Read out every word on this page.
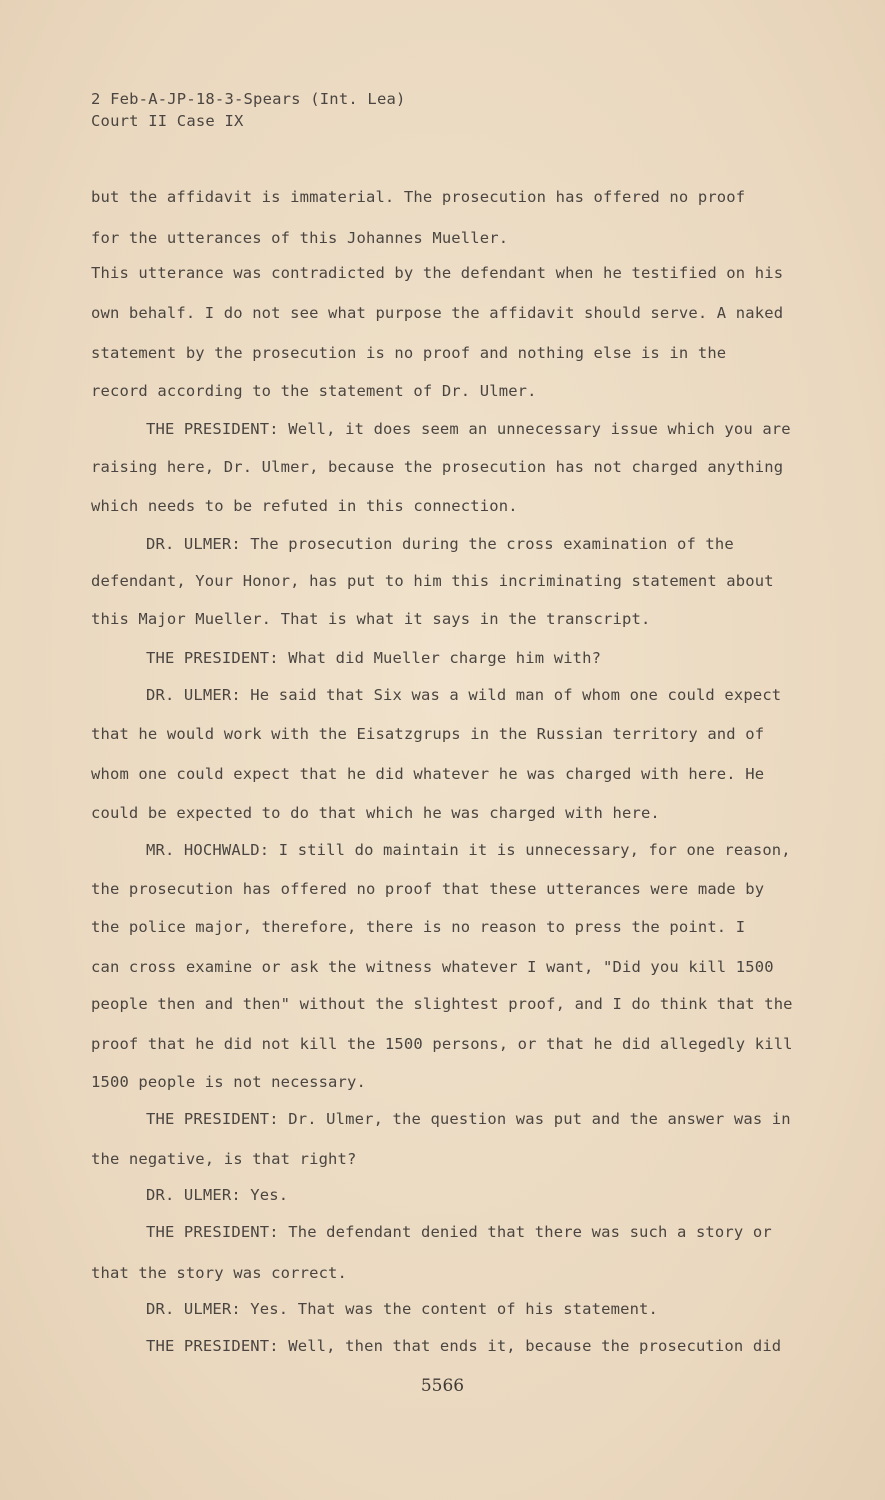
2 Feb-A-JP-18-3-Spears (Int. Lea)
Court II Case IX
but the affidavit is immaterial. The prosecution has offered no proof
for the utterances of this Johannes Mueller.
This utterance was contradicted by the defendant when he testified on his
own behalf. I do not see what purpose the affidavit should serve. A naked
statement by the prosecution is no proof and nothing else is in the
record according to the statement of Dr. Ulmer.
THE PRESIDENT: Well, it does seem an unnecessary issue which you are
raising here, Dr. Ulmer, because the prosecution has not charged anything
which needs to be refuted in this connection.
DR. ULMER: The prosecution during the cross examination of the
defendant, Your Honor, has put to him this incriminating statement about
this Major Mueller. That is what it says in the transcript.
THE PRESIDENT: What did Mueller charge him with?
DR. ULMER: He said that Six was a wild man of whom one could expect
that he would work with the Eisatzgrups in the Russian territory and of
whom one could expect that he did whatever he was charged with here. He
could be expected to do that which he was charged with here.
MR. HOCHWALD: I still do maintain it is unnecessary, for one reason,
the prosecution has offered no proof that these utterances were made by
the police major, therefore, there is no reason to press the point. I
can cross examine or ask the witness whatever I want, "Did you kill 1500
people then and then" without the slightest proof, and I do think that the
proof that he did not kill the 1500 persons, or that he did allegedly kill
1500 people is not necessary.
THE PRESIDENT: Dr. Ulmer, the question was put and the answer was in
the negative, is that right?
DR. ULMER: Yes.
THE PRESIDENT: The defendant denied that there was such a story or
that the story was correct.
DR. ULMER: Yes. That was the content of his statement.
THE PRESIDENT: Well, then that ends it, because the prosecution did
5566
